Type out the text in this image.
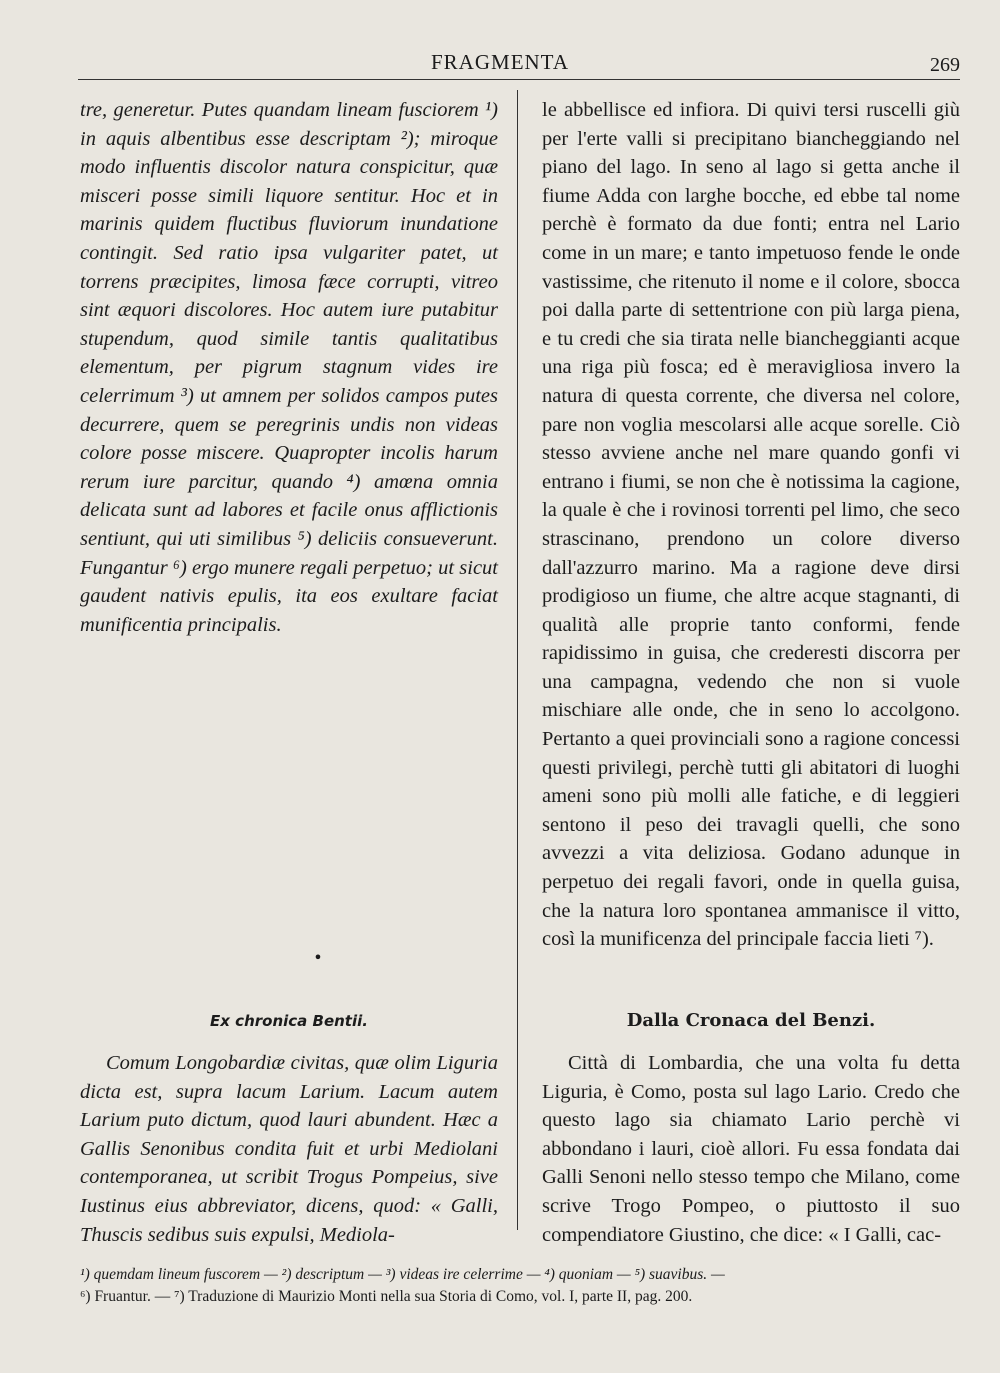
FRAGMENTA	269

tre, generetur. Putes quandam lineam fusciorem ¹) in aquis albentibus esse descriptam ²); miroque modo influentis discolor natura conspicitur, quæ misceri posse simili liquore sentitur. Hoc et in marinis quidem fluctibus fluviorum inundatione contingit. Sed ratio ipsa vulgariter patet, ut torrens præcipites, limosa fæce corrupti, vitreo sint æquori discolores. Hoc autem iure putabitur stupendum, quod simile tantis qualitatibus elementum, per pigrum stagnum vides ire celerrimum ³) ut amnem per solidos campos putes decurrere, quem se peregrinis undis non videas colore posse miscere. Quapropter incolis harum rerum iure parcitur, quando ⁴) amœna omnia delicata sunt ad labores et facile onus afflictionis sentiunt, qui uti similibus ⁵) deliciis consueverunt. Fungantur ⁶) ergo munere regali perpetuo; ut sicut gaudent nativis epulis, ita eos exultare faciat munificentia principalis.

le abbellisce ed infiora. Di quivi tersi ruscelli giù per l'erte valli si precipitano biancheggiando nel piano del lago. In seno al lago si getta anche il fiume Adda con larghe bocche, ed ebbe tal nome perchè è formato da due fonti; entra nel Lario come in un mare; e tanto impetuoso fende le onde vastissime, che ritenuto il nome e il colore, sbocca poi dalla parte di settentrione con più larga piena, e tu credi che sia tirata nelle biancheggianti acque una riga più fosca; ed è meravigliosa invero la natura di questa corrente, che diversa nel colore, pare non voglia mescolarsi alle acque sorelle. Ciò stesso avviene anche nel mare quando gonfi vi entrano i fiumi, se non che è notissima la cagione, la quale è che i rovinosi torrenti pel limo, che seco strascinano, prendono un colore diverso dall'azzurro marino. Ma a ragione deve dirsi prodigioso un fiume, che altre acque stagnanti, di qualità alle proprie tanto conformi, fende rapidissimo in guisa, che crederesti discorra per una campagna, vedendo che non si vuole mischiare alle onde, che in seno lo accolgono. Pertanto a quei provinciali sono a ragione concessi questi privilegi, perchè tutti gli abitatori di luoghi ameni sono più molli alle fatiche, e di leggieri sentono il peso dei travagli quelli, che sono avvezzi a vita deliziosa. Godano adunque in perpetuo dei regali favori, onde in quella guisa, che la natura loro spontanea ammanisce il vitto, così la munificenza del principale faccia lieti ⁷).

•
Ex chronica Bentii.	Dalla Cronaca del Benzi.

Comum Longobardiæ civitas, quæ olim Liguria dicta est, supra lacum Larium. Lacum autem Larium puto dictum, quod lauri abundent. Hæc a Gallis Senonibus condita fuit et urbi Mediolani contemporanea, ut scribit Trogus Pompeius, sive Iustinus eius abbreviator, dicens, quod: « Galli, Thuscis sedibus suis expulsi, Mediola-

Città di Lombardia, che una volta fu detta Liguria, è Como, posta sul lago Lario. Credo che questo lago sia chiamato Lario perchè vi abbondano i lauri, cioè allori. Fu essa fondata dai Galli Senoni nello stesso tempo che Milano, come scrive Trogo Pompeo, o piuttosto il suo compendiatore Giustino, che dice: « I Galli, cac-

¹) quemdam lineum fuscorem — ²) descriptum — ³) videas ire celerrime — ⁴) quoniam — ⁵) suavibus. —
⁶) Fruantur. — ⁷) Traduzione di Maurizio Monti nella sua Storia di Como, vol. I, parte II, pag. 200.
